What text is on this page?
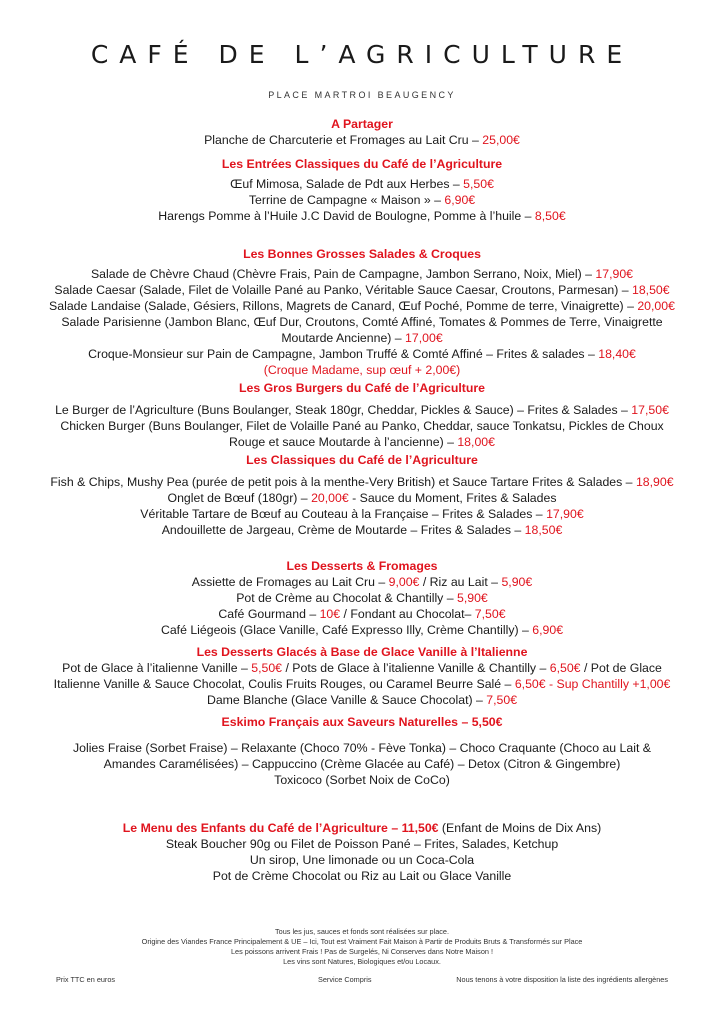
CAFÉ DE L’AGRICULTURE
PLACE MARTROI BEAUGENCY
A Partager
Planche de Charcuterie et Fromages au Lait Cru – 25,00€
Les Entrées Classiques du Café de l’Agriculture
Œuf Mimosa, Salade de Pdt aux Herbes – 5,50€
Terrine de Campagne « Maison » – 6,90€
Harengs Pomme à l’Huile J.C David de Boulogne, Pomme à l’huile – 8,50€
Les Bonnes Grosses Salades & Croques
Salade de Chèvre Chaud (Chèvre Frais, Pain de Campagne, Jambon Serrano, Noix, Miel) – 17,90€
Salade Caesar (Salade, Filet de Volaille Pané au Panko, Véritable Sauce Caesar, Croutons, Parmesan) – 18,50€
Salade Landaise (Salade, Gésiers, Rillons, Magrets de Canard, Œuf Poché, Pomme de terre, Vinaigrette) – 20,00€
Salade Parisienne (Jambon Blanc, Œuf Dur, Croutons, Comté Affiné, Tomates & Pommes de Terre, Vinaigrette
Moutarde Ancienne) – 17,00€
Croque-Monsieur sur Pain de Campagne, Jambon Truffé & Comté Affiné – Frites & salades – 18,40€
(Croque Madame, sup œuf + 2,00€)
Les Gros Burgers du Café de l’Agriculture
Le Burger de l’Agriculture (Buns Boulanger, Steak 180gr, Cheddar, Pickles & Sauce) – Frites & Salades – 17,50€
Chicken Burger (Buns Boulanger, Filet de Volaille Pané au Panko, Cheddar, sauce Tonkatsu, Pickles de Choux
Rouge et sauce Moutarde à l’ancienne) – 18,00€
Les Classiques du Café de l’Agriculture
Fish & Chips, Mushy Pea (purée de petit pois à la menthe-Very British) et Sauce Tartare Frites & Salades – 18,90€
Onglet de Bœuf (180gr) – 20,00€ - Sauce du Moment, Frites & Salades
Véritable Tartare de Bœuf au Couteau à la Française – Frites & Salades – 17,90€
Andouillette de Jargeau, Crème de Moutarde – Frites & Salades – 18,50€
Les Desserts & Fromages
Assiette de Fromages au Lait Cru – 9,00€ / Riz au Lait – 5,90€
Pot de Crème au Chocolat & Chantilly – 5,90€
Café Gourmand – 10€ / Fondant au Chocolat– 7,50€
Café Liégeois (Glace Vanille, Café Expresso Illy, Crème Chantilly) – 6,90€
Les Desserts Glacés à Base de Glace Vanille à l’Italienne
Pot de Glace à l’italienne Vanille – 5,50€ / Pots de Glace à l’italienne Vanille & Chantilly – 6,50€ / Pot de Glace
Italienne Vanille & Sauce Chocolat, Coulis Fruits Rouges, ou Caramel Beurre Salé – 6,50€ - Sup Chantilly +1,00€
Dame Blanche (Glace Vanille & Sauce Chocolat) – 7,50€
Eskimo Français aux Saveurs Naturelles – 5,50€
Jolies Fraise (Sorbet Fraise) – Relaxante (Choco 70% - Fève Tonka) – Choco Craquante (Choco au Lait &
Amandes Caramélisées) – Cappuccino (Crème Glacée au Café) – Detox (Citron & Gingembre)
Toxicoco (Sorbet Noix de CoCo)
Le Menu des Enfants du Café de l’Agriculture – 11,50€ (Enfant de Moins de Dix Ans)
Steak Boucher 90g ou Filet de Poisson Pané – Frites, Salades, Ketchup
Un sirop, Une limonade ou un Coca-Cola
Pot de Crème Chocolat ou Riz au Lait ou Glace Vanille
Tous les jus, sauces et fonds sont réalisées sur place.
Origine des Viandes France Principalement & UE – Ici, Tout est Vraiment Fait Maison à Partir de Produits Bruts & Transformés sur Place
Les poissons arrivent Frais ! Pas de Surgelés, Ni Conserves dans Notre Maison !
Les vins sont Natures, Biologiques et/ou Locaux.
Prix TTC en euros	Service Compris	Nous tenons à votre disposition la liste des ingrédients allergènes
